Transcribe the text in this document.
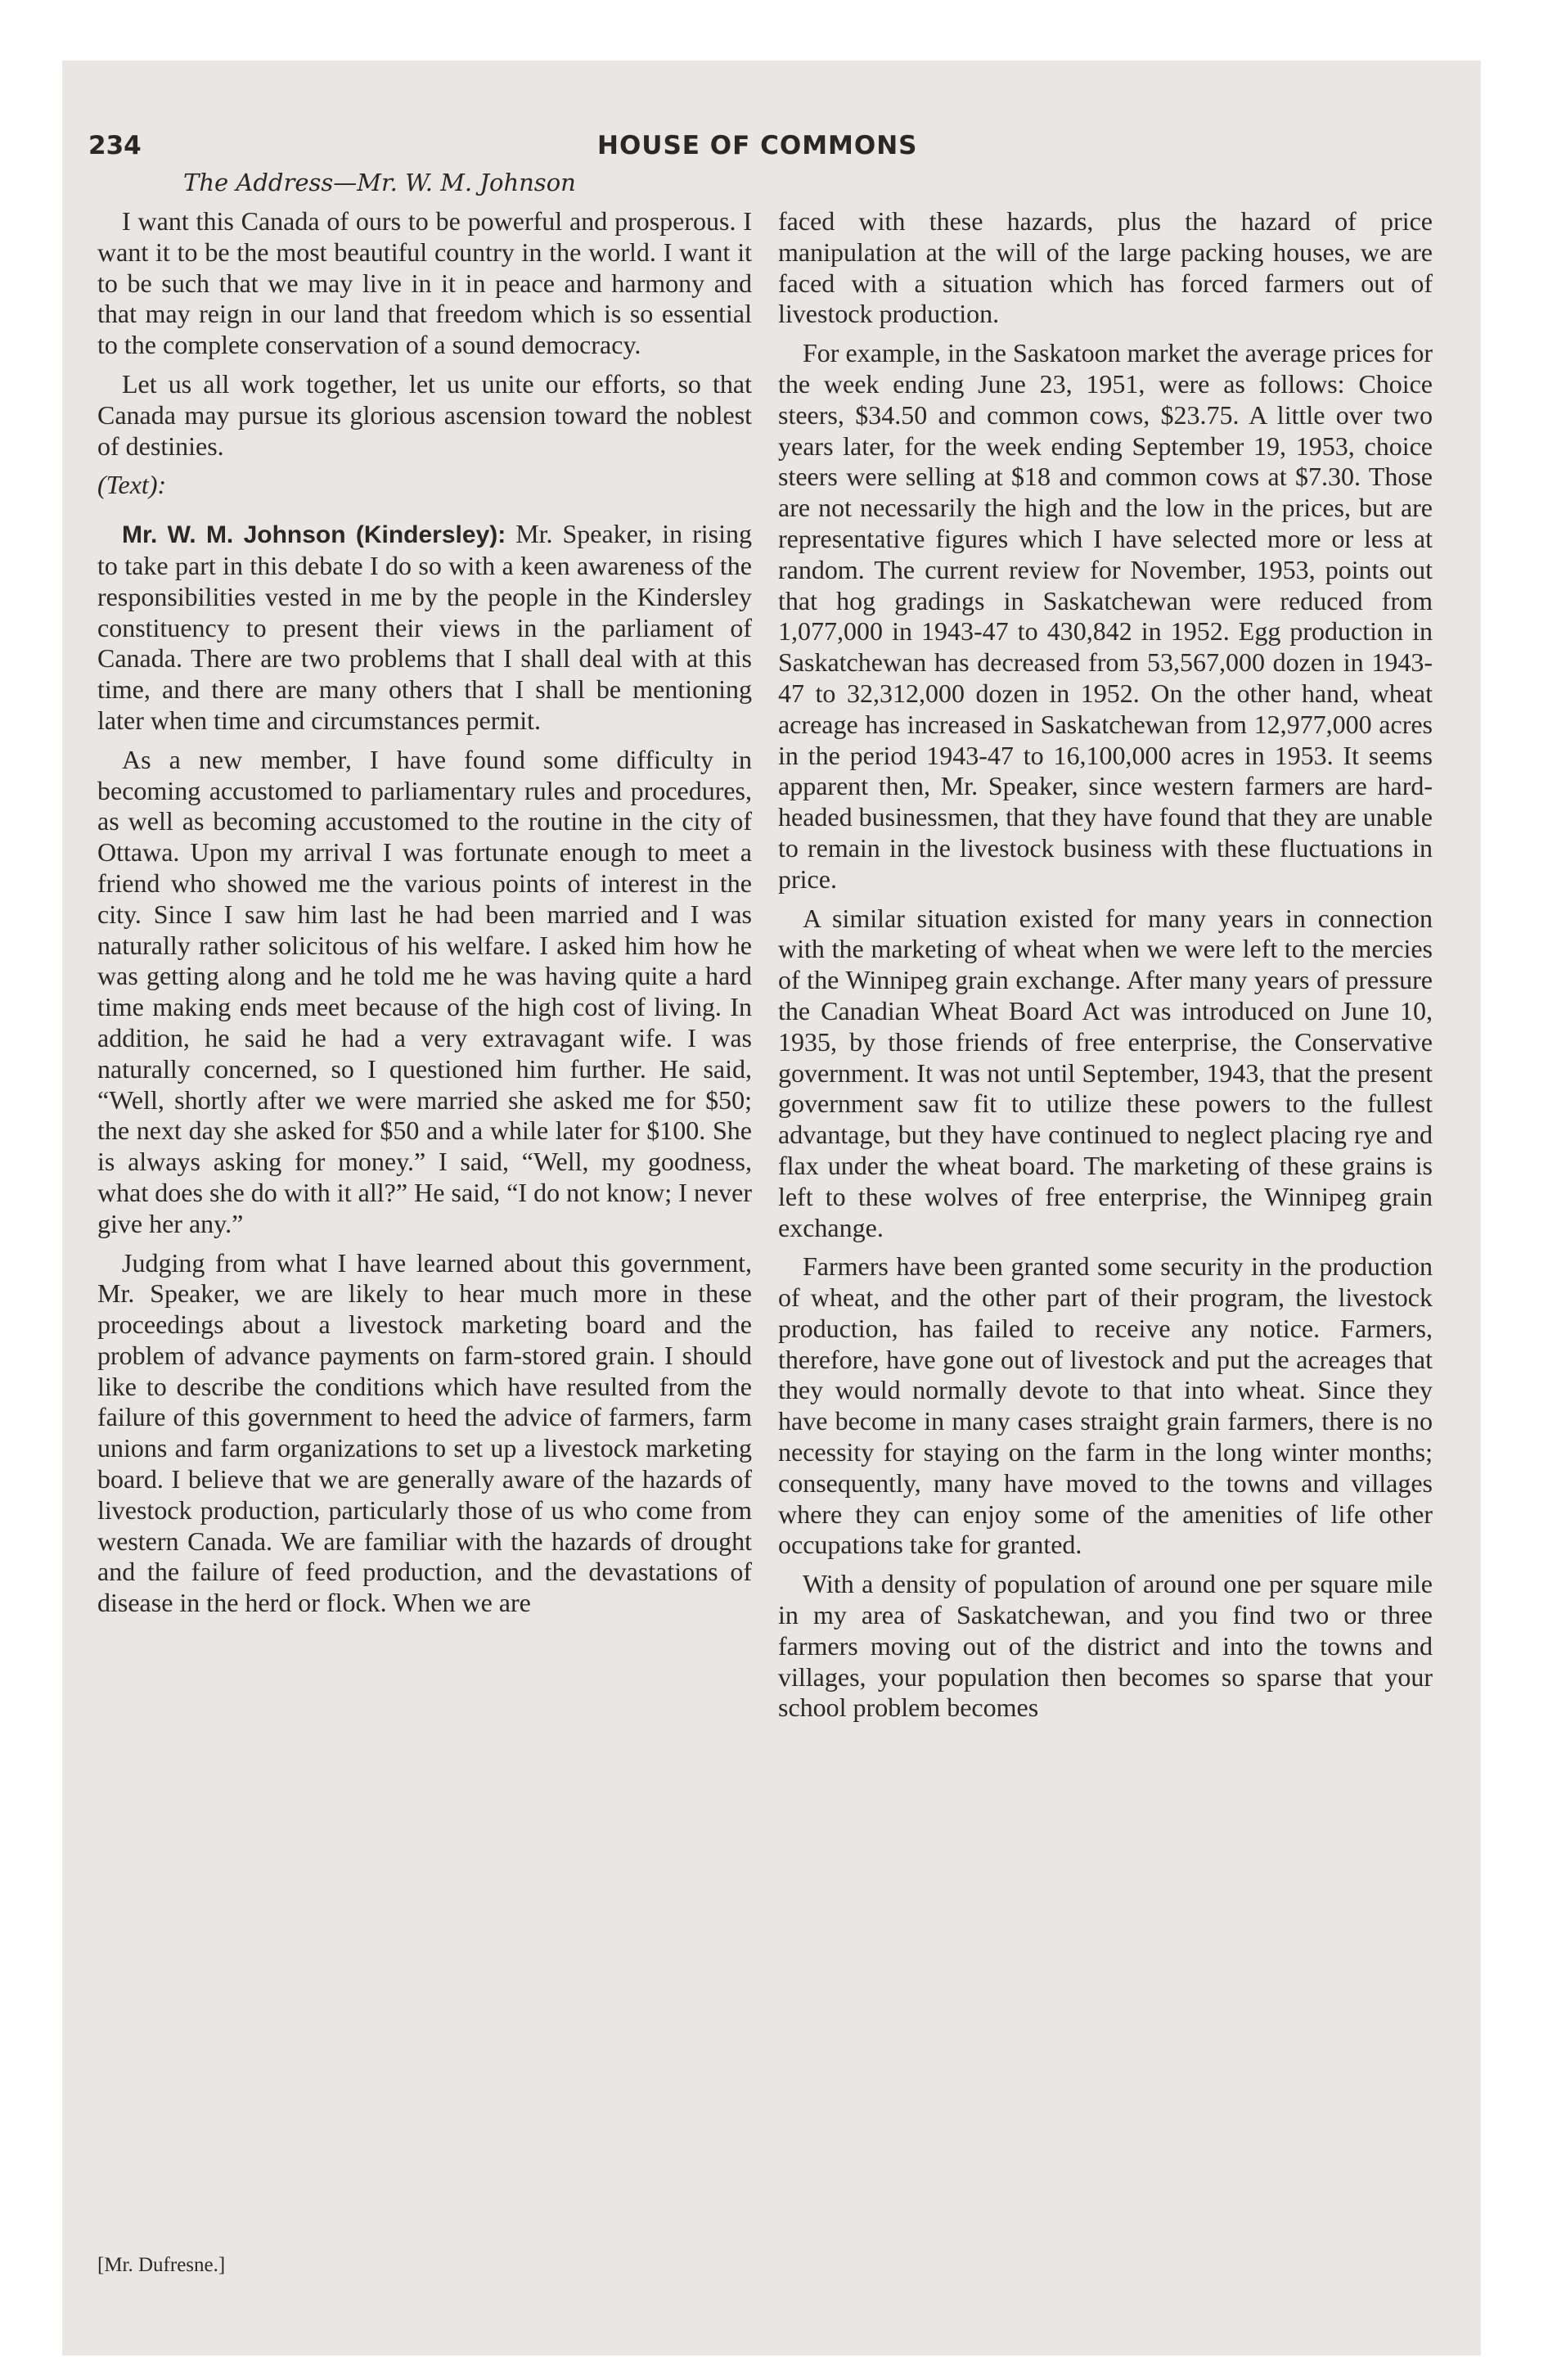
234	HOUSE OF COMMONS
The Address—Mr. W. M. Johnson

I want this Canada of ours to be powerful and prosperous. I want it to be the most beautiful country in the world. I want it to be such that we may live in it in peace and harmony and that may reign in our land that freedom which is so essential to the complete conservation of a sound democracy.

Let us all work together, let us unite our efforts, so that Canada may pursue its glorious ascension toward the noblest of destinies.

(Text):

Mr. W. M. Johnson (Kindersley): Mr. Speaker, in rising to take part in this debate I do so with a keen awareness of the responsibilities vested in me by the people in the Kindersley constituency to present their views in the parliament of Canada. There are two problems that I shall deal with at this time, and there are many others that I shall be mentioning later when time and circumstances permit.

As a new member, I have found some difficulty in becoming accustomed to parliamentary rules and procedures, as well as becoming accustomed to the routine in the city of Ottawa. Upon my arrival I was fortunate enough to meet a friend who showed me the various points of interest in the city. Since I saw him last he had been married and I was naturally rather solicitous of his welfare. I asked him how he was getting along and he told me he was having quite a hard time making ends meet because of the high cost of living. In addition, he said he had a very extravagant wife. I was naturally concerned, so I questioned him further. He said, “Well, shortly after we were married she asked me for $50; the next day she asked for $50 and a while later for $100. She is always asking for money.” I said, “Well, my goodness, what does she do with it all?” He said, “I do not know; I never give her any.”

Judging from what I have learned about this government, Mr. Speaker, we are likely to hear much more in these proceedings about a livestock marketing board and the problem of advance payments on farm-stored grain. I should like to describe the conditions which have resulted from the failure of this government to heed the advice of farmers, farm unions and farm organizations to set up a livestock marketing board. I believe that we are generally aware of the hazards of livestock production, particularly those of us who come from western Canada. We are familiar with the hazards of drought and the failure of feed production, and the devastations of disease in the herd or flock. When we are

faced with these hazards, plus the hazard of price manipulation at the will of the large packing houses, we are faced with a situation which has forced farmers out of livestock production.

For example, in the Saskatoon market the average prices for the week ending June 23, 1951, were as follows: Choice steers, $34.50 and common cows, $23.75. A little over two years later, for the week ending September 19, 1953, choice steers were selling at $18 and common cows at $7.30. Those are not necessarily the high and the low in the prices, but are representative figures which I have selected more or less at random. The current review for November, 1953, points out that hog gradings in Saskatchewan were reduced from 1,077,000 in 1943-47 to 430,842 in 1952. Egg production in Saskatchewan has decreased from 53,567,000 dozen in 1943-47 to 32,312,000 dozen in 1952. On the other hand, wheat acreage has increased in Saskatchewan from 12,977,000 acres in the period 1943-47 to 16,100,000 acres in 1953. It seems apparent then, Mr. Speaker, since western farmers are hard-headed businessmen, that they have found that they are unable to remain in the livestock business with these fluctuations in price.

A similar situation existed for many years in connection with the marketing of wheat when we were left to the mercies of the Winnipeg grain exchange. After many years of pressure the Canadian Wheat Board Act was introduced on June 10, 1935, by those friends of free enterprise, the Conservative government. It was not until September, 1943, that the present government saw fit to utilize these powers to the fullest advantage, but they have continued to neglect placing rye and flax under the wheat board. The marketing of these grains is left to these wolves of free enterprise, the Winnipeg grain exchange.

Farmers have been granted some security in the production of wheat, and the other part of their program, the livestock production, has failed to receive any notice. Farmers, therefore, have gone out of livestock and put the acreages that they would normally devote to that into wheat. Since they have become in many cases straight grain farmers, there is no necessity for staying on the farm in the long winter months; consequently, many have moved to the towns and villages where they can enjoy some of the amenities of life other occupations take for granted.

With a density of population of around one per square mile in my area of Saskatchewan, and you find two or three farmers moving out of the district and into the towns and villages, your population then becomes so sparse that your school problem becomes

[Mr. Dufresne.]
